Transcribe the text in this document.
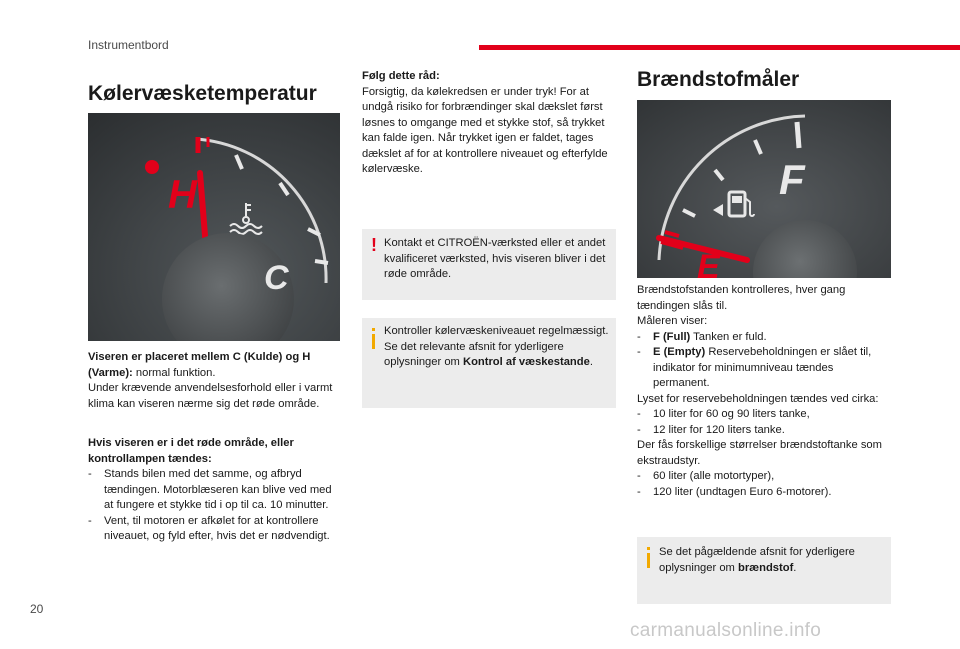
Instrumentbord
Kølervæsketemperatur
H
C

Viseren er placeret mellem C (Kulde) og H (Varme): normal funktion.

Under krævende anvendelsesforhold eller i varmt klima kan viseren nærme sig det røde område.

Hvis viseren er i det røde område, eller kontrollampen tændes:

-	Stands bilen med det samme, og afbryd tændingen. Motorblæseren kan blive ved med at fungere et stykke tid i op til ca. 10 minutter.
-	Vent, til motoren er afkølet for at kontrollere niveauet, og fyld efter, hvis det er nødvendigt.

Følg dette råd:

Forsigtig, da kølekredsen er under tryk! For at undgå risiko for forbrændinger skal dækslet først løsnes to omgange med et stykke stof, så trykket kan falde igen. Når trykket igen er faldet, tages dækslet af for at kontrollere niveauet og efterfylde kølervæske.

! Kontakt et CITROËN-værksted eller et andet kvalificeret værksted, hvis viseren bliver i det røde område.
Kontroller kølervæskeniveauet regelmæssigt.
Se det relevante afsnit for yderligere oplysninger om Kontrol af væskestande.
Brændstofmåler
F
E

Brændstofstanden kontrolleres, hver gang tændingen slås til.

Måleren viser:

-	F (Full) Tanken er fuld.
-	E (Empty) Reservebeholdningen er slået til, indikator for minimumniveau tændes permanent.

Lyset for reservebeholdningen tændes ved cirka:

-	10 liter for 60 og 90 liters tanke,
-	12 liter for 120 liters tanke.

Der fås forskellige størrelser brændstoftanke som ekstraudstyr.

-	60 liter (alle motortyper),
-	120 liter (undtagen Euro 6-motorer).
Se det pågældende afsnit for yderligere oplysninger om brændstof.
20
carmanualsonline.info
